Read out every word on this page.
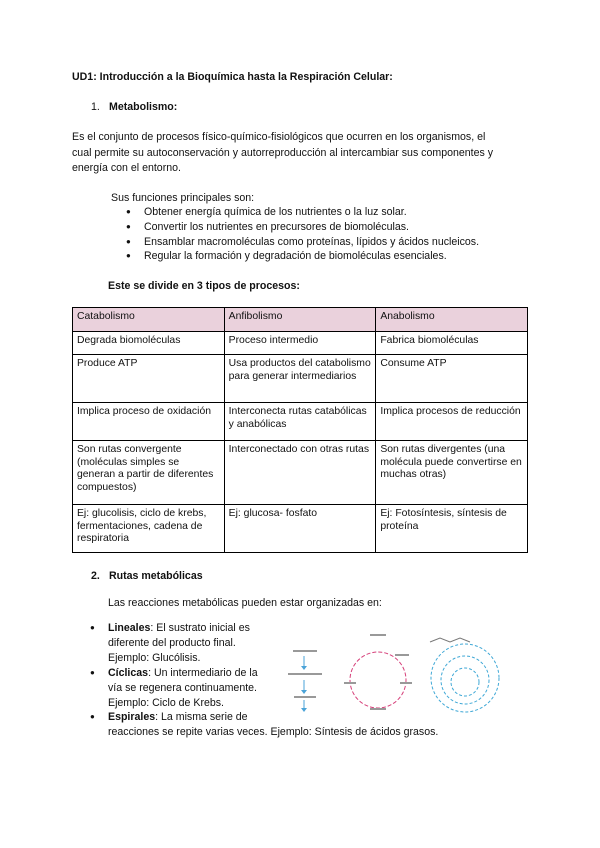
UD1: Introducción a la Bioquímica hasta la Respiración Celular:
1. Metabolismo:
Es el conjunto de procesos físico-químico-fisiológicos que ocurren en los organismos, el
cual permite su autoconservación y autorreproducción al intercambiar sus componentes y
energía con el entorno.
Sus funciones principales son:
● Obtener energía química de los nutrientes o la luz solar.
● Convertir los nutrientes en precursores de biomoléculas.
● Ensamblar macromoléculas como proteínas, lípidos y ácidos nucleicos.
● Regular la formación y degradación de biomoléculas esenciales.
Este se divide en 3 tipos de procesos:
Catabolismo	Anfibolismo	Anabolismo
Degrada biomoléculas	Proceso intermedio	Fabrica biomoléculas
Produce ATP	Usa productos del catabolismo para generar intermediarios	Consume ATP
Implica proceso de oxidación	Interconecta rutas catabólicas y anabólicas	Implica procesos de reducción
Son rutas convergente (moléculas simples se generan a partir de diferentes compuestos)	Interconectado con otras rutas	Son rutas divergentes (una molécula puede convertirse en muchas otras)
Ej: glucolisis, ciclo de krebs, fermentaciones, cadena de respiratoria	Ej: glucosa- fosfato	Ej: Fotosíntesis, síntesis de proteína
2. Rutas metabólicas
Las reacciones metabólicas pueden estar organizadas en:
● Lineales: El sustrato inicial es
diferente del producto final.
Ejemplo: Glucólisis.
● Cíclicas: Un intermediario de la
vía se regenera continuamente.
Ejemplo: Ciclo de Krebs.
● Espirales: La misma serie de
reacciones se repite varias veces. Ejemplo: Síntesis de ácidos grasos.
